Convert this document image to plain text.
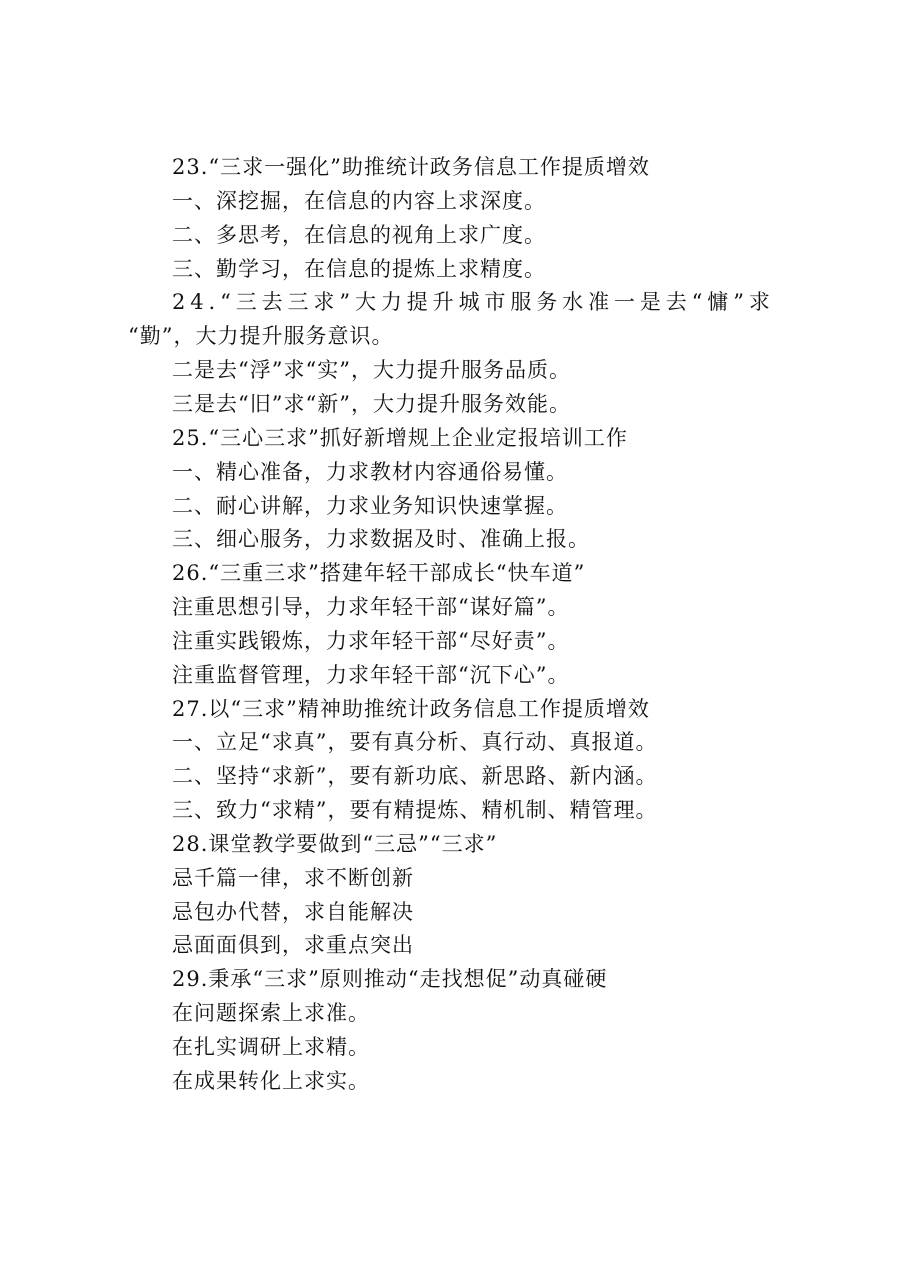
23.“三求一强化”助推统计政务信息工作提质增效
一、深挖掘，在信息的内容上求深度。
二、多思考，在信息的视角上求广度。
三、勤学习，在信息的提炼上求精度。
24.“三去三求”大力提升城市服务水准一是去“慵”求
“勤”，大力提升服务意识。
二是去“浮”求“实”，大力提升服务品质。
三是去“旧”求“新”，大力提升服务效能。
25.“三心三求”抓好新增规上企业定报培训工作
一、精心准备，力求教材内容通俗易懂。
二、耐心讲解，力求业务知识快速掌握。
三、细心服务，力求数据及时、准确上报。
26.“三重三求”搭建年轻干部成长“快车道”
注重思想引导，力求年轻干部“谋好篇”。
注重实践锻炼，力求年轻干部“尽好责”。
注重监督管理，力求年轻干部“沉下心”。
27.以“三求”精神助推统计政务信息工作提质增效
一、立足“求真”，要有真分析、真行动、真报道。
二、坚持“求新”，要有新功底、新思路、新内涵。
三、致力“求精”，要有精提炼、精机制、精管理。
28.课堂教学要做到“三忌”“三求”
忌千篇一律，求不断创新
忌包办代替，求自能解决
忌面面俱到，求重点突出
29.秉承“三求”原则推动“走找想促”动真碰硬
在问题探索上求准。
在扎实调研上求精。
在成果转化上求实。
